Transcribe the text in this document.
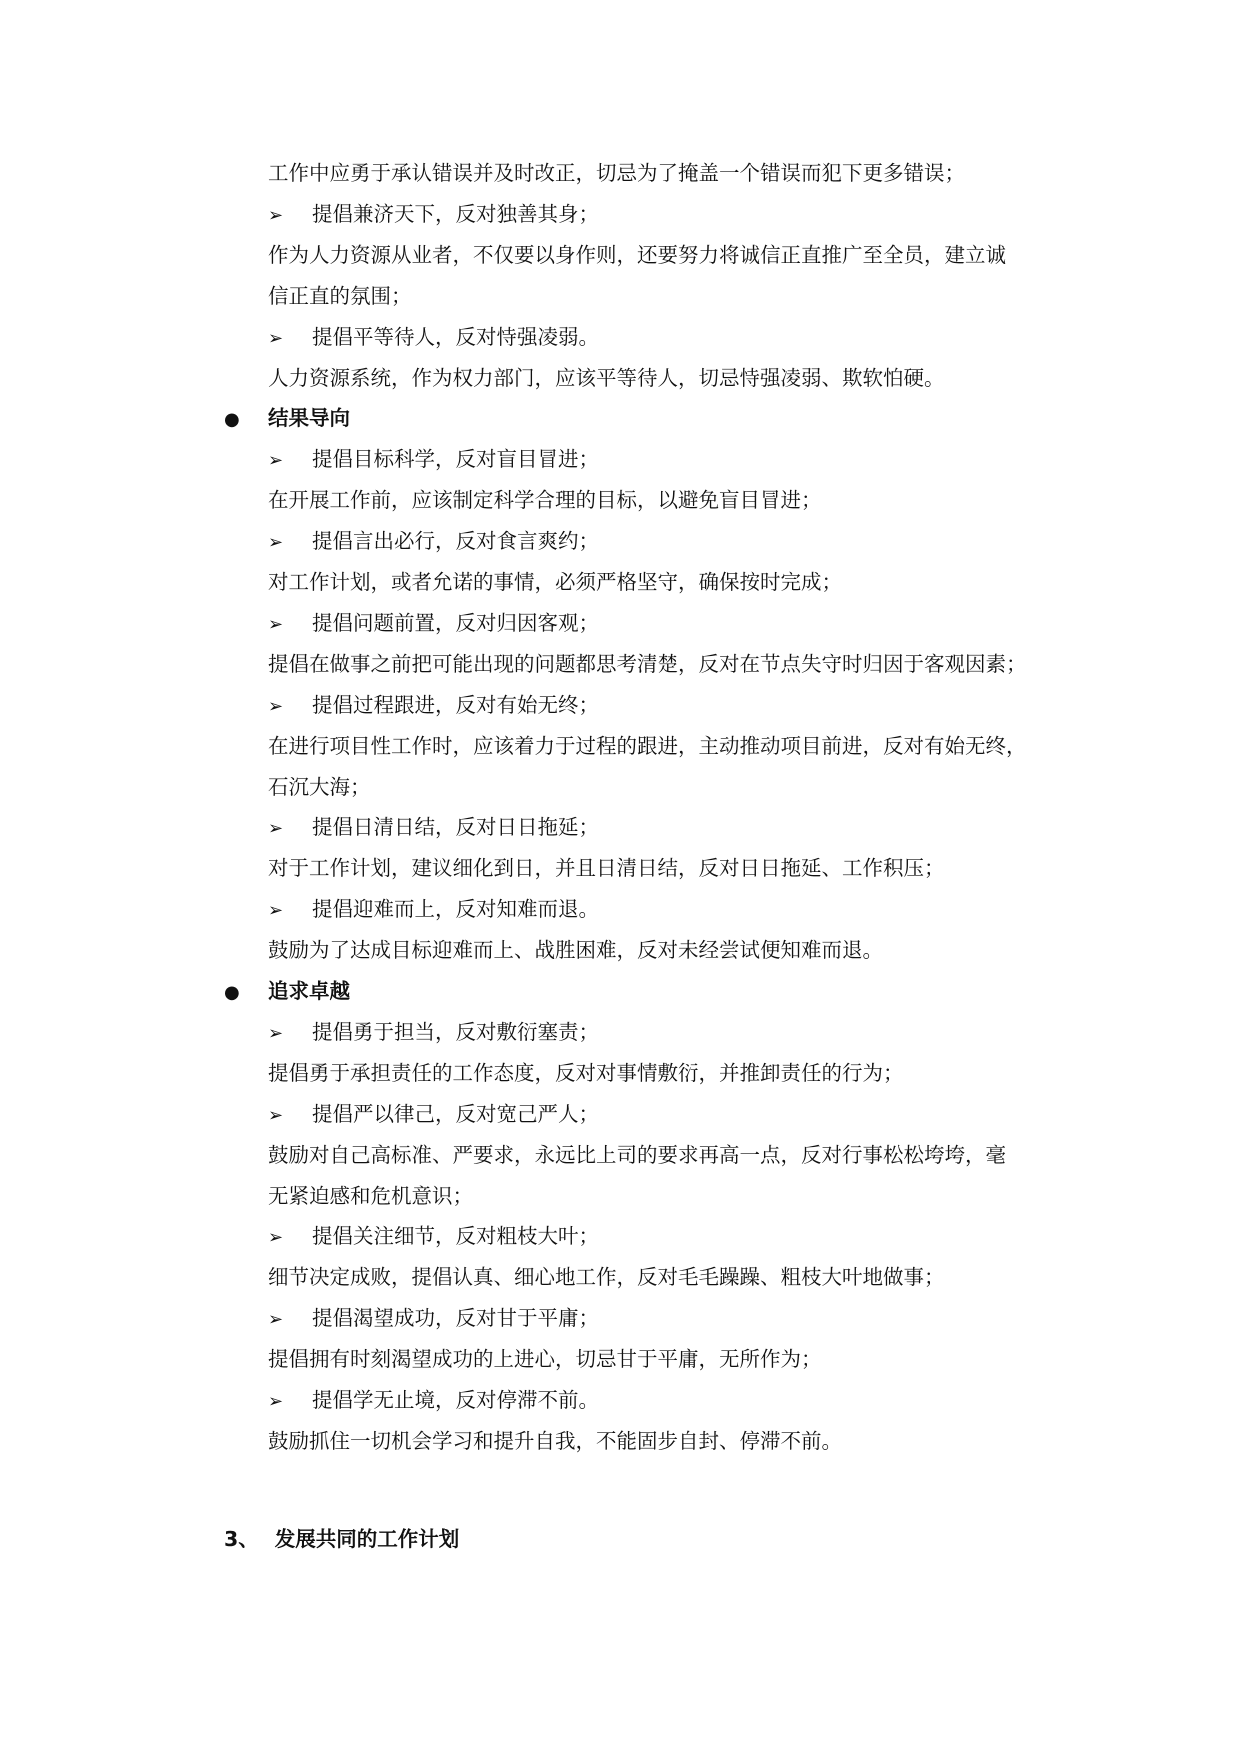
工作中应勇于承认错误并及时改正，切忌为了掩盖一个错误而犯下更多错误；
➢ 提倡兼济天下，反对独善其身；
作为人力资源从业者，不仅要以身作则，还要努力将诚信正直推广至全员，建立诚
信正直的氛围；
➢ 提倡平等待人，反对恃强凌弱。
人力资源系统，作为权力部门，应该平等待人，切忌恃强凌弱、欺软怕硬。
● 结果导向
➢ 提倡目标科学，反对盲目冒进；
在开展工作前，应该制定科学合理的目标，以避免盲目冒进；
➢ 提倡言出必行，反对食言爽约；
对工作计划，或者允诺的事情，必须严格坚守，确保按时完成；
➢ 提倡问题前置，反对归因客观；
提倡在做事之前把可能出现的问题都思考清楚，反对在节点失守时归因于客观因素；
➢ 提倡过程跟进，反对有始无终；
在进行项目性工作时，应该着力于过程的跟进，主动推动项目前进，反对有始无终，
石沉大海；
➢ 提倡日清日结，反对日日拖延；
对于工作计划，建议细化到日，并且日清日结，反对日日拖延、工作积压；
➢ 提倡迎难而上，反对知难而退。
鼓励为了达成目标迎难而上、战胜困难，反对未经尝试便知难而退。
● 追求卓越
➢ 提倡勇于担当，反对敷衍塞责；
提倡勇于承担责任的工作态度，反对对事情敷衍，并推卸责任的行为；
➢ 提倡严以律己，反对宽己严人；
鼓励对自己高标准、严要求，永远比上司的要求再高一点，反对行事松松垮垮，毫
无紧迫感和危机意识；
➢ 提倡关注细节，反对粗枝大叶；
细节决定成败，提倡认真、细心地工作，反对毛毛躁躁、粗枝大叶地做事；
➢ 提倡渴望成功，反对甘于平庸；
提倡拥有时刻渴望成功的上进心，切忌甘于平庸，无所作为；
➢ 提倡学无止境，反对停滞不前。
鼓励抓住一切机会学习和提升自我，不能固步自封、停滞不前。
3、 发展共同的工作计划
